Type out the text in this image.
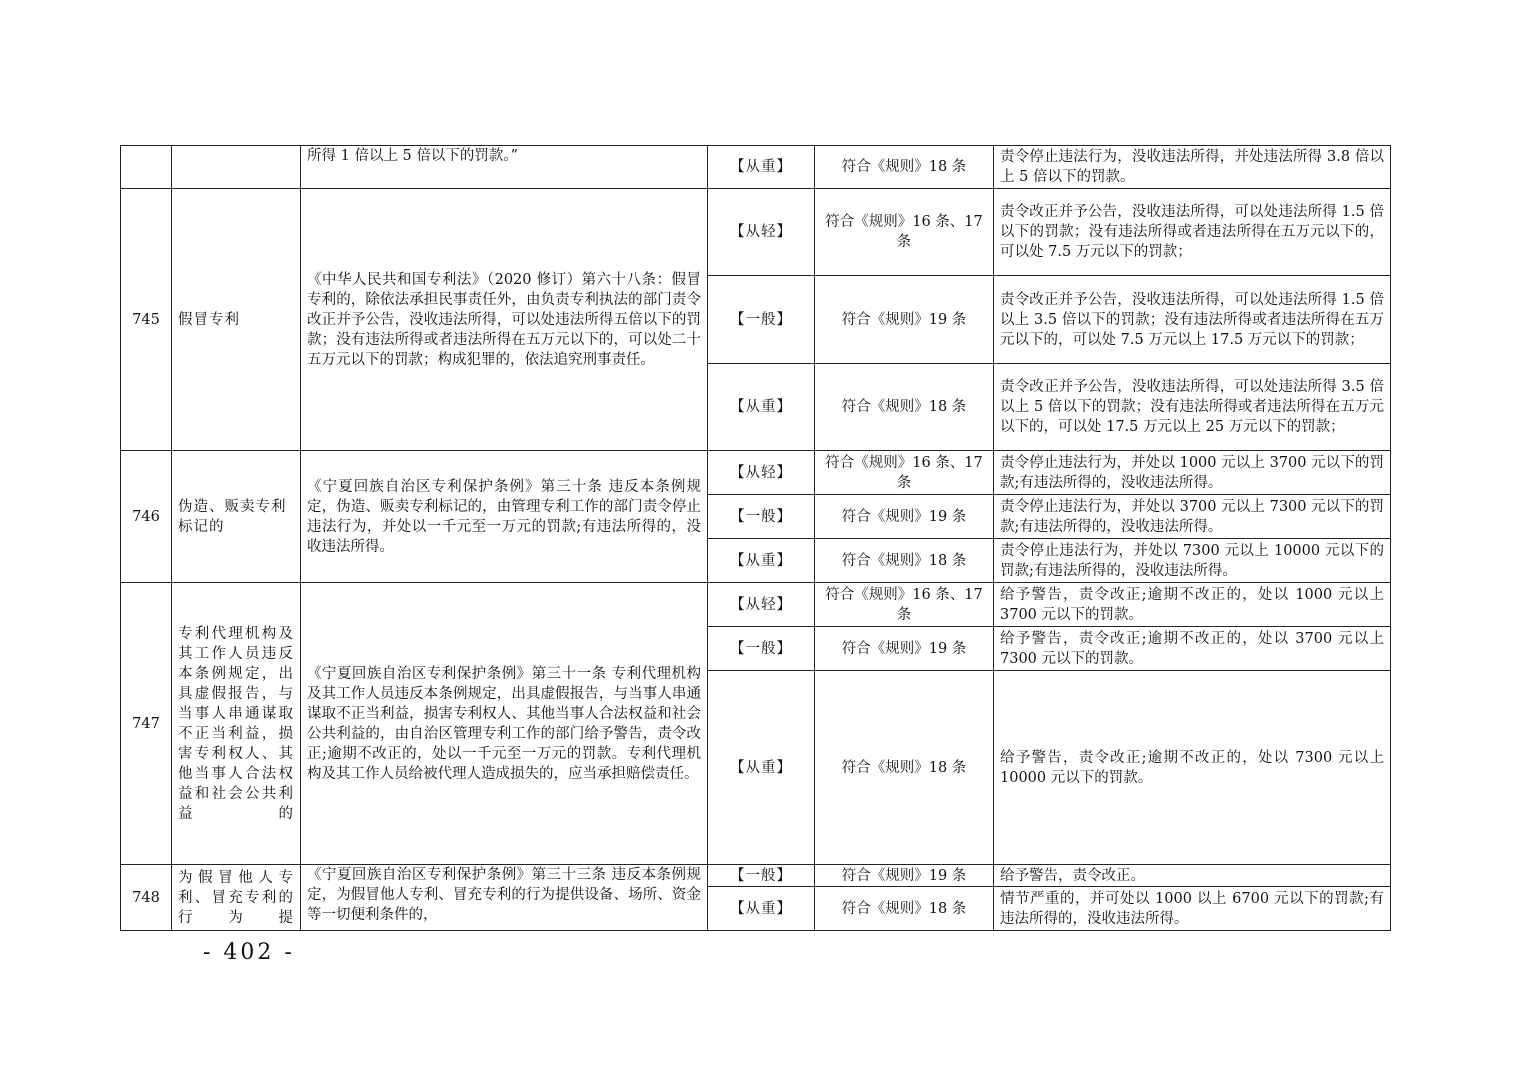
		所得 1 倍以上 5 倍以下的罚款。”	【从重】	符合《规则》18 条	责令停止违法行为，没收违法所得，并处违法所得 3.8 倍以上 5 倍以下的罚款。
745	假冒专利	《中华人民共和国专利法》（2020 修订）第六十八条：假冒专利的，除依法承担民事责任外，由负责专利执法的部门责令改正并予公告，没收违法所得，可以处违法所得五倍以下的罚款；没有违法所得或者违法所得在五万元以下的，可以处二十五万元以下的罚款；构成犯罪的，依法追究刑事责任。	【从轻】	符合《规则》16 条、17 条	责令改正并予公告，没收违法所得，可以处违法所得 1.5 倍以下的罚款；没有违法所得或者违法所得在五万元以下的，可以处 7.5 万元以下的罚款；
			【一般】	符合《规则》19 条	责令改正并予公告，没收违法所得，可以处违法所得 1.5 倍以上 3.5 倍以下的罚款；没有违法所得或者违法所得在五万元以下的，可以处 7.5 万元以上 17.5 万元以下的罚款；
			【从重】	符合《规则》18 条	责令改正并予公告，没收违法所得，可以处违法所得 3.5 倍以上 5 倍以下的罚款；没有违法所得或者违法所得在五万元以下的，可以处 17.5 万元以上 25 万元以下的罚款；
746	伪造、贩卖专利标记的	《宁夏回族自治区专利保护条例》第三十条 违反本条例规定，伪造、贩卖专利标记的，由管理专利工作的部门责令停止违法行为，并处以一千元至一万元的罚款;有违法所得的，没收违法所得。	【从轻】	符合《规则》16 条、17 条	责令停止违法行为，并处以 1000 元以上 3700 元以下的罚款;有违法所得的，没收违法所得。
			【一般】	符合《规则》19 条	责令停止违法行为，并处以 3700 元以上 7300 元以下的罚款;有违法所得的，没收违法所得。
			【从重】	符合《规则》18 条	责令停止违法行为，并处以 7300 元以上 10000 元以下的罚款;有违法所得的，没收违法所得。
747	专利代理机构及其工作人员违反本条例规定，出具虚假报告，与当事人串通谋取不正当利益，损害专利权人、其他当事人合法权益和社会公共利益的	《宁夏回族自治区专利保护条例》第三十一条 专利代理机构及其工作人员违反本条例规定，出具虚假报告，与当事人串通谋取不正当利益，损害专利权人、其他当事人合法权益和社会公共利益的，由自治区管理专利工作的部门给予警告，责令改正;逾期不改正的，处以一千元至一万元的罚款。专利代理机构及其工作人员给被代理人造成损失的，应当承担赔偿责任。	【从轻】	符合《规则》16 条、17 条	给予警告，责令改正;逾期不改正的，处以 1000 元以上 3700 元以下的罚款。
			【一般】	符合《规则》19 条	给予警告，责令改正;逾期不改正的，处以 3700 元以上 7300 元以下的罚款。
			【从重】	符合《规则》18 条	给予警告，责令改正;逾期不改正的，处以 7300 元以上 10000 元以下的罚款。
748	为假冒他人专利、冒充专利的行为提	《宁夏回族自治区专利保护条例》第三十三条 违反本条例规定，为假冒他人专利、冒充专利的行为提供设备、场所、资金等一切便利条件的，	【一般】	符合《规则》19 条	给予警告，责令改正。
			【从重】	符合《规则》18 条	情节严重的，并可处以 1000 以上 6700 元以下的罚款;有违法所得的，没收违法所得。
- 402 -
